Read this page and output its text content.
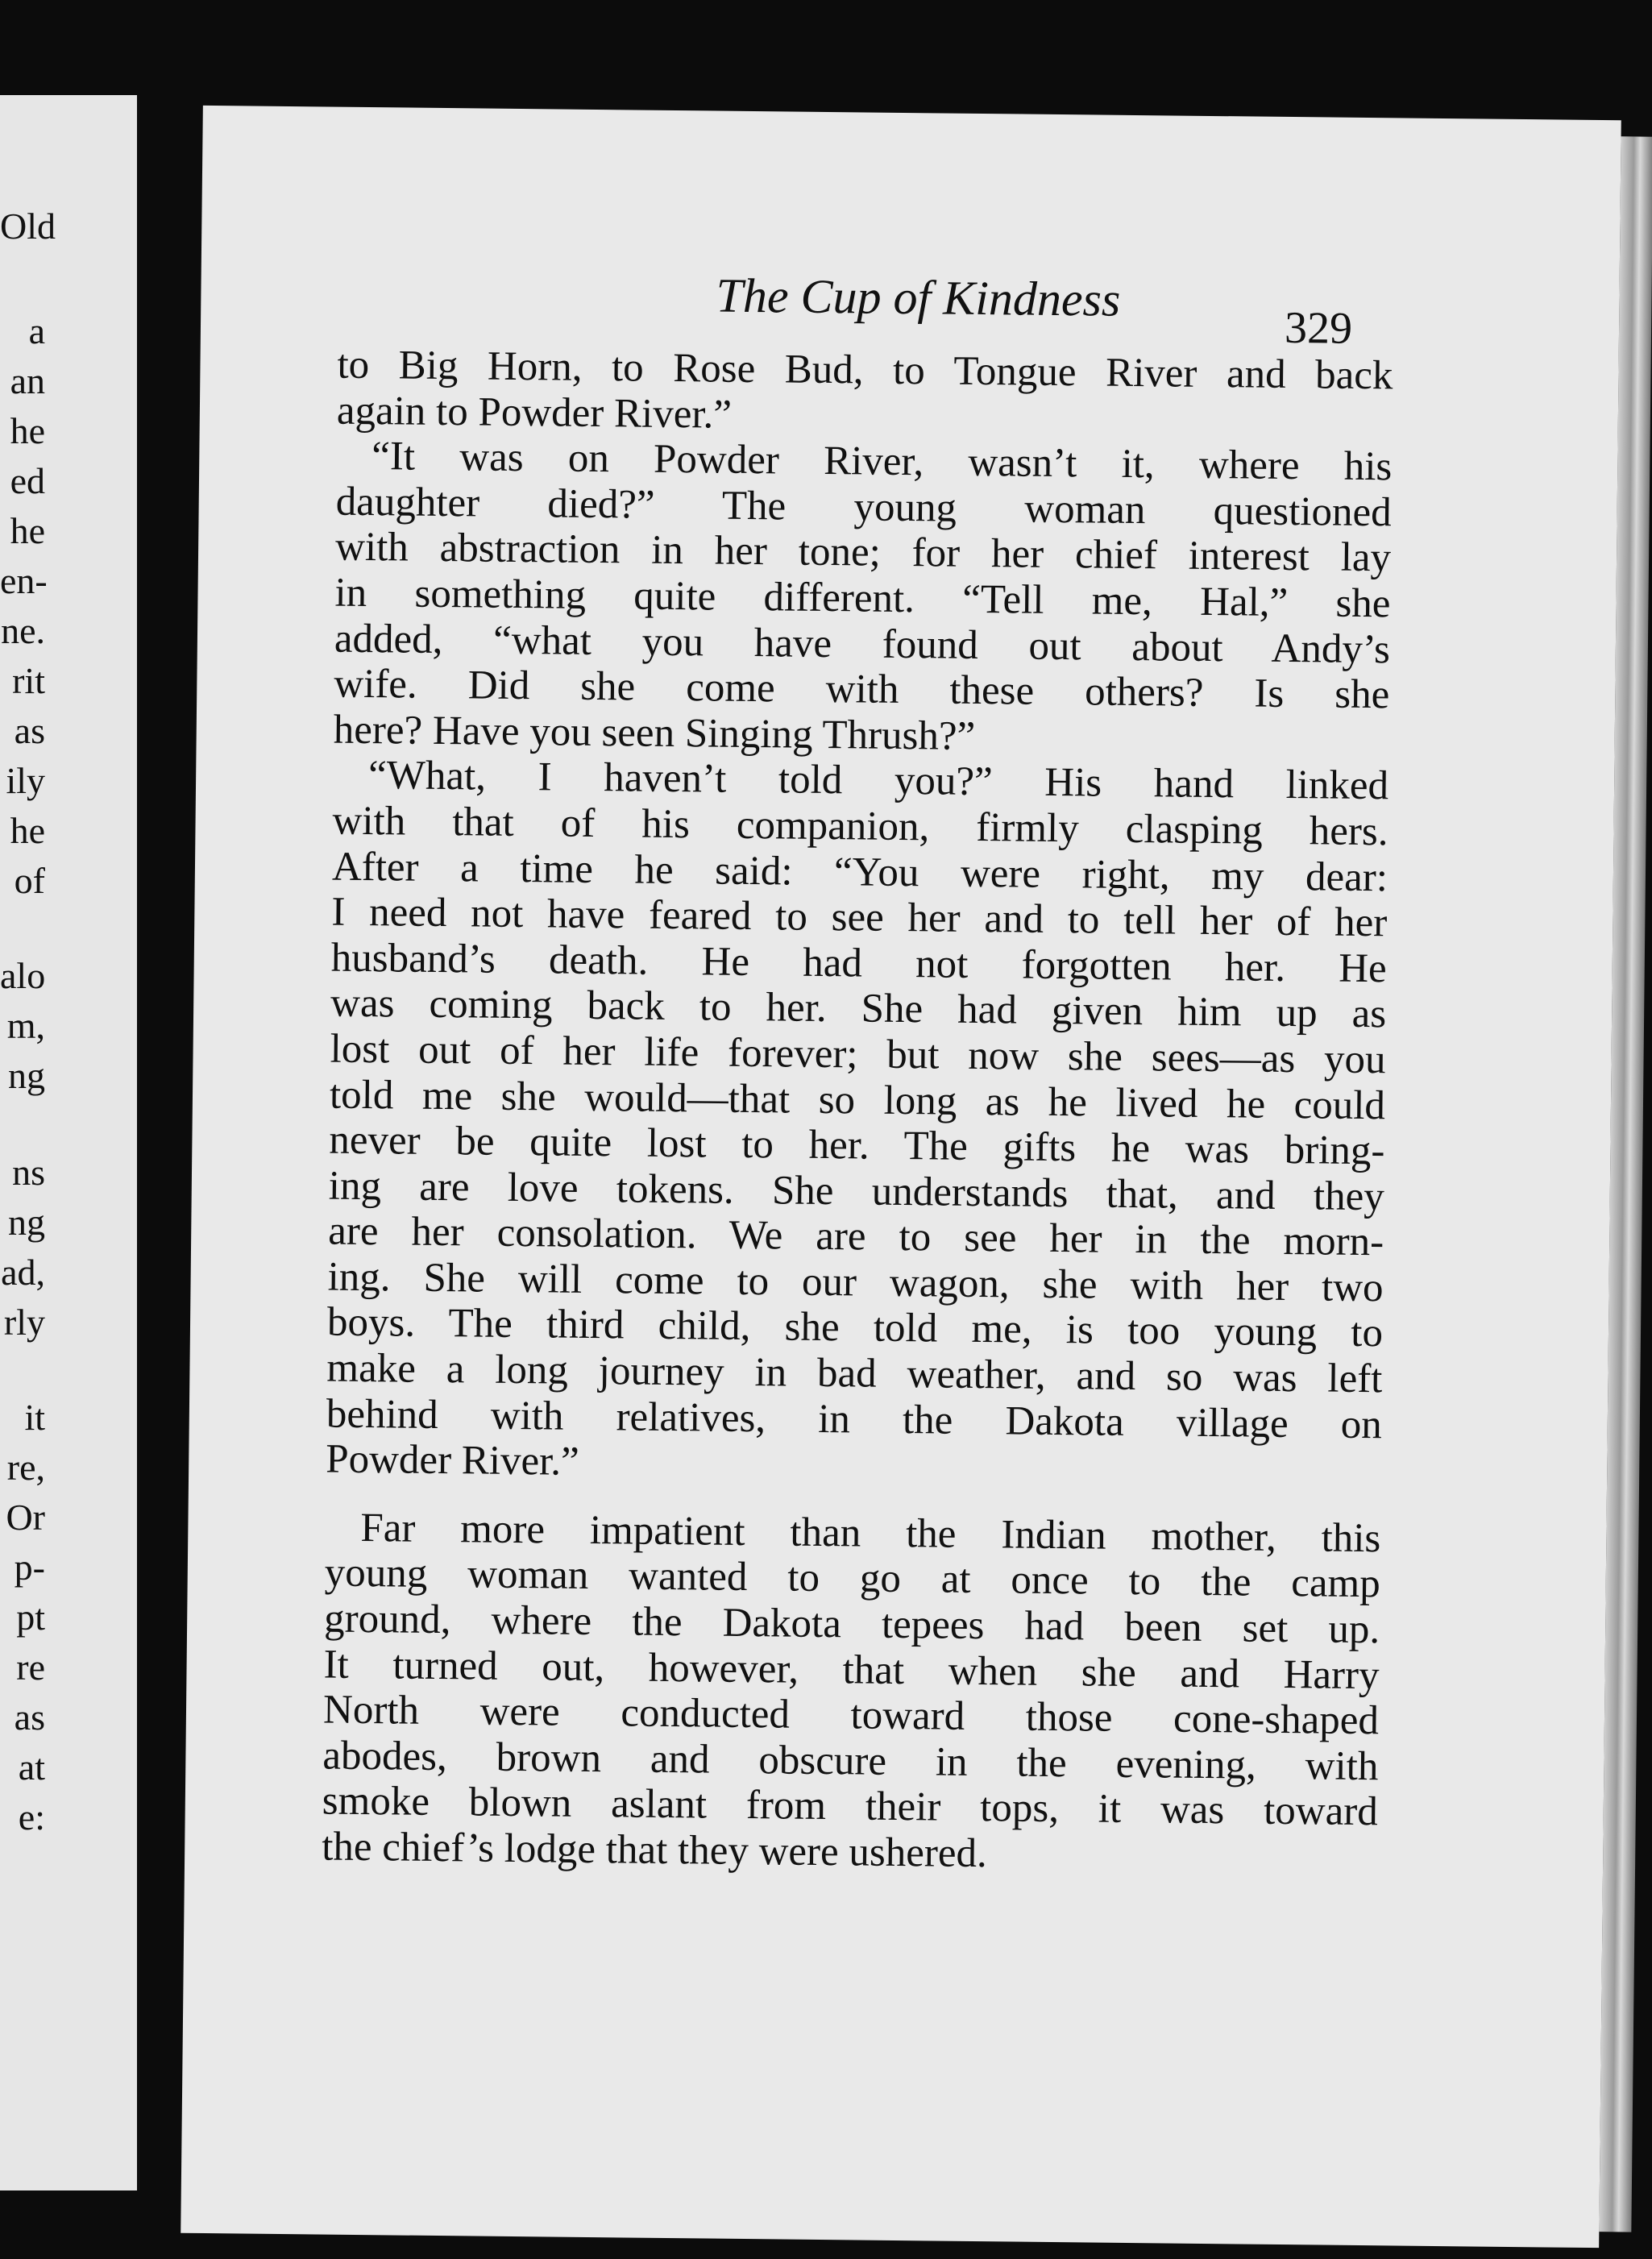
Old
a
an
he
ed
he
en-
ne.
rit
as
ily
he
of
alo
m,
ng
ns
ng
ad,
rly
it
re,
Or
p-
pt
re
as
at
e:
The Cup of Kindness
329
to Big Horn, to Rose Bud, to Tongue River and back
again to Powder River.”
“It was on Powder River, wasn’t it, where his
daughter died?” The young woman questioned
with abstraction in her tone; for her chief interest lay
in something quite different. “Tell me, Hal,” she
added, “what you have found out about Andy’s
wife. Did she come with these others? Is she
here? Have you seen Singing Thrush?”
“What, I haven’t told you?” His hand linked
with that of his companion, firmly clasping hers.
After a time he said: “You were right, my dear:
I need not have feared to see her and to tell her of her
husband’s death. He had not forgotten her. He
was coming back to her. She had given him up as
lost out of her life forever; but now she sees—as you
told me she would—that so long as he lived he could
never be quite lost to her. The gifts he was bring-
ing are love tokens. She understands that, and they
are her consolation. We are to see her in the morn-
ing. She will come to our wagon, she with her two
boys. The third child, she told me, is too young to
make a long journey in bad weather, and so was left
behind with relatives, in the Dakota village on
Powder River.”
Far more impatient than the Indian mother, this
young woman wanted to go at once to the camp
ground, where the Dakota tepees had been set up.
It turned out, however, that when she and Harry
North were conducted toward those cone-shaped
abodes, brown and obscure in the evening, with
smoke blown aslant from their tops, it was toward
the chief’s lodge that they were ushered.
